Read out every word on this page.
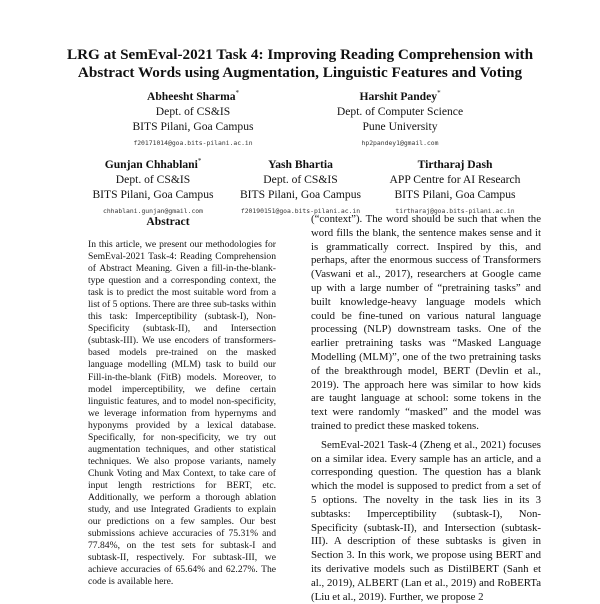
LRG at SemEval-2021 Task 4: Improving Reading Comprehension with
Abstract Words using Augmentation, Linguistic Features and Voting
Abheesht Sharma*
Dept. of CS&IS
BITS Pilani, Goa Campus
f20171014@goa.bits-pilani.ac.in
Harshit Pandey*
Dept. of Computer Science
Pune University
hp2pandey1@gmail.com
Gunjan Chhablani*
Dept. of CS&IS
BITS Pilani, Goa Campus
chhablani.gunjan@gmail.com
Yash Bhartia
Dept. of CS&IS
BITS Pilani, Goa Campus
f20190151@goa.bits-pilani.ac.in
Tirtharaj Dash
APP Centre for AI Research
BITS Pilani, Goa Campus
tirtharaj@goa.bits-pilani.ac.in
Abstract
In this article, we present our methodologies for SemEval-2021 Task-4: Reading Comprehension of Abstract Meaning. Given a fill-in-the-blank-type question and a corresponding context, the task is to predict the most suitable word from a list of 5 options. There are three sub-tasks within this task: Imperceptibility (subtask-I), Non-Specificity (subtask-II), and Intersection (subtask-III). We use encoders of transformers-based models pre-trained on the masked language modelling (MLM) task to build our Fill-in-the-blank (FitB) models. Moreover, to model imperceptibility, we define certain linguistic features, and to model non-specificity, we leverage information from hypernyms and hyponyms provided by a lexical database. Specifically, for non-specificity, we try out augmentation techniques, and other statistical techniques. We also propose variants, namely Chunk Voting and Max Context, to take care of input length restrictions for BERT, etc. Additionally, we perform a thorough ablation study, and use Integrated Gradients to explain our predictions on a few samples. Our best submissions achieve accuracies of 75.31% and 77.84%, on the test sets for subtask-I and subtask-II, respectively. For subtask-III, we achieve accuracies of 65.64% and 62.27%. The code is available here.

(“context”). The word should be such that when the word fills the blank, the sentence makes sense and it is grammatically correct. Inspired by this, and perhaps, after the enormous success of Transformers (Vaswani et al., 2017), researchers at Google came up with a large number of “pretraining tasks” and built knowledge-heavy language models which could be fine-tuned on various natural language processing (NLP) downstream tasks. One of the earlier pretraining tasks was “Masked Language Modelling (MLM)”, one of the two pretraining tasks of the breakthrough model, BERT (Devlin et al., 2019). The approach here was similar to how kids are taught language at school: some tokens in the text were randomly “masked” and the model was trained to predict these masked tokens.

SemEval-2021 Task-4 (Zheng et al., 2021) focuses on a similar idea. Every sample has an article, and a corresponding question. The question has a blank which the model is supposed to predict from a set of 5 options. The novelty in the task lies in its 3 subtasks: Imperceptibility (subtask-I), Non-Specificity (subtask-II), and Intersection (subtask-III). A description of these subtasks is given in Section 3. In this work, we propose using BERT and its derivative models such as DistilBERT (Sanh et al., 2019), ALBERT (Lan et al., 2019) and RoBERTa (Liu et al., 2019). Further, we propose 2
